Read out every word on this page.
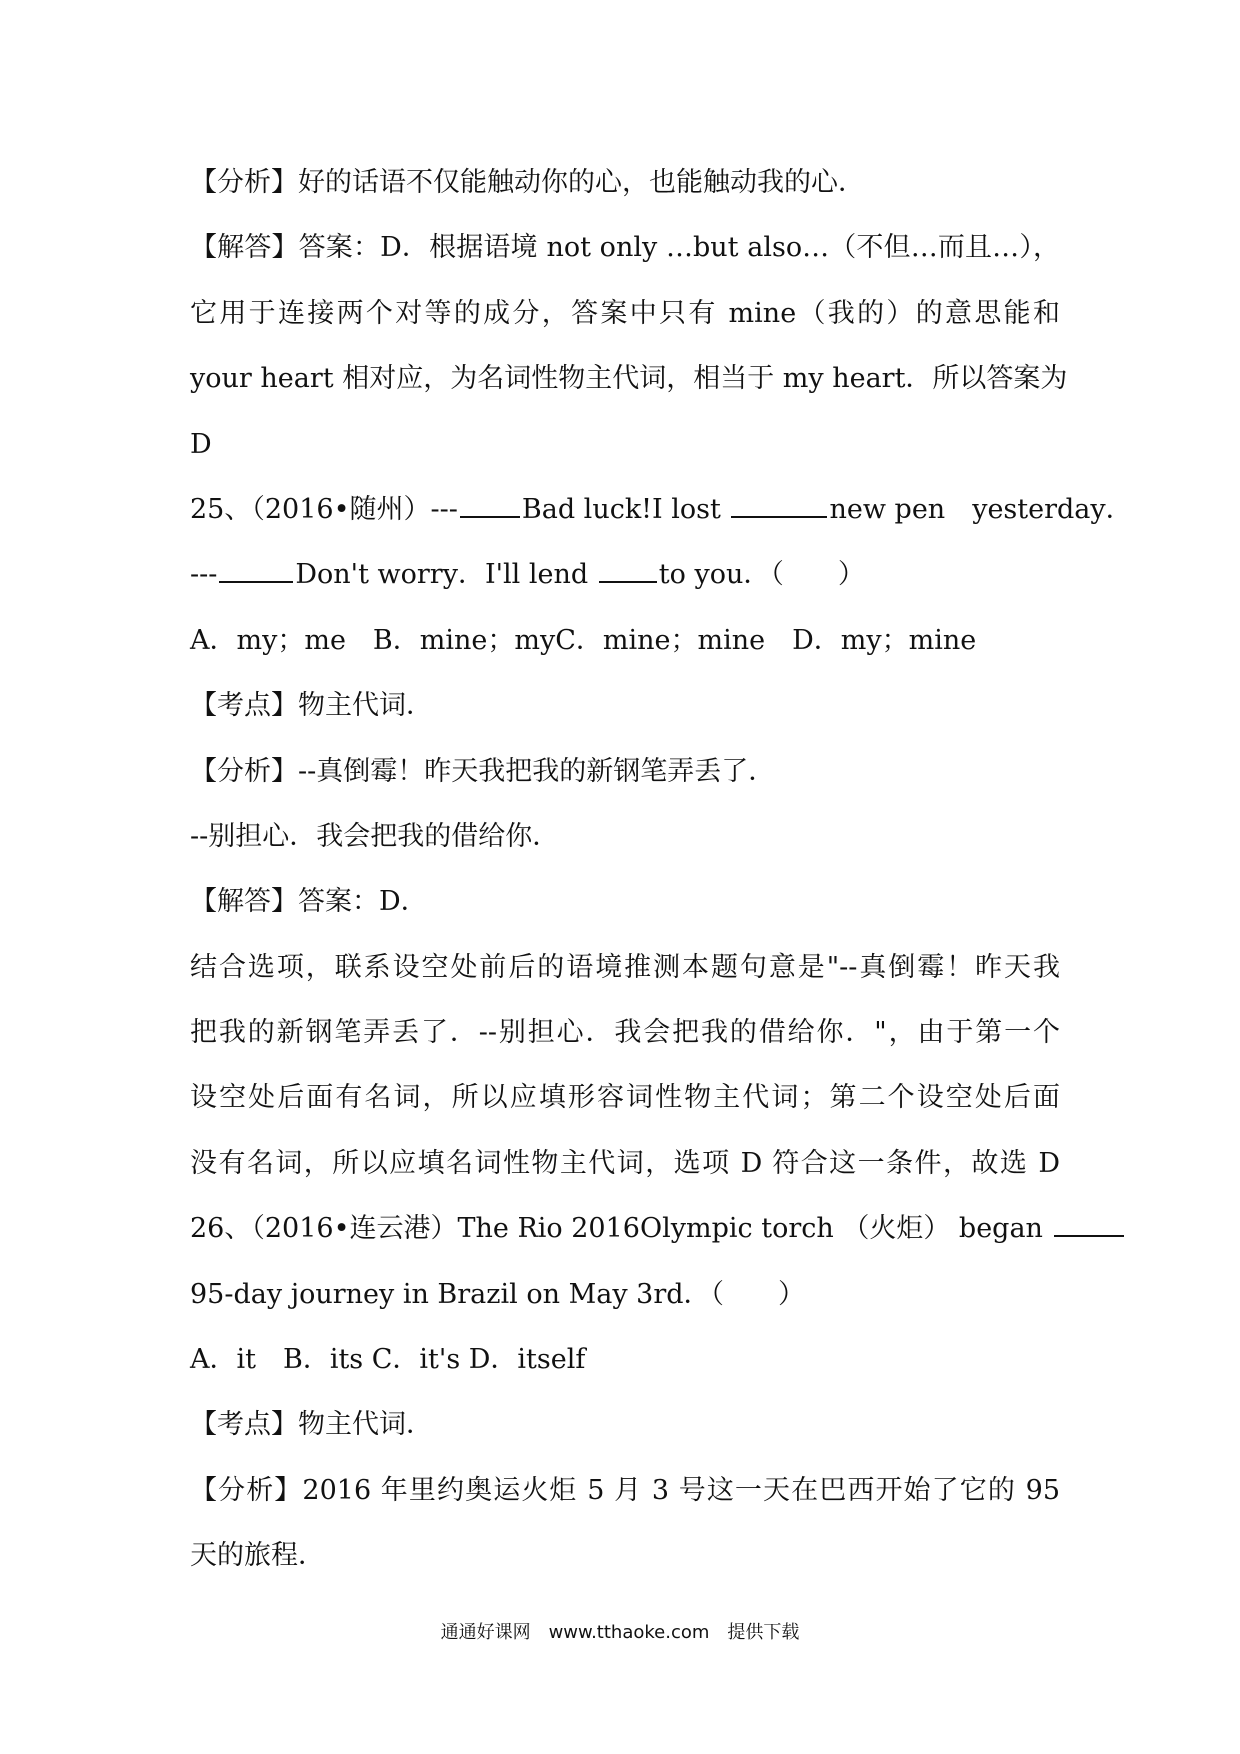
【分析】好的话语不仅能触动你的心，也能触动我的心．
【解答】答案：D．根据语境 not only …but also…（不但…而且…），
它用于连接两个对等的成分，答案中只有 mine（我的）的意思能和
your heart 相对应，为名词性物主代词，相当于 my heart．所以答案为
D
25、（2016•随州）--- Bad luck!I lost	new pen　yesterday．
---	Don't worry．I'll lend	to you．（　　）
A．my；me　B．mine；myC．mine；mine　D．my；mine
【考点】物主代词．
【分析】--真倒霉！昨天我把我的新钢笔弄丢了．
--别担心．我会把我的借给你．
【解答】答案：D．
结合选项，联系设空处前后的语境推测本题句意是"--真倒霉！昨天我
把我的新钢笔弄丢了．--别担心．我会把我的借给你．"，由于第一个
设空处后面有名词，所以应填形容词性物主代词；第二个设空处后面
没有名词，所以应填名词性物主代词，选项 D 符合这一条件，故选 D
26、（2016•连云港）The Rio 2016Olympic torch （火炬） began
95-day journey in Brazil on May 3rd．（　　）
A．it　B．its C．it's D．itself
【考点】物主代词．
【分析】2016 年里约奥运火炬 5 月 3 号这一天在巴西开始了它的 95
天的旅程．
通通好课网　www.tthaoke.com　提供下载
